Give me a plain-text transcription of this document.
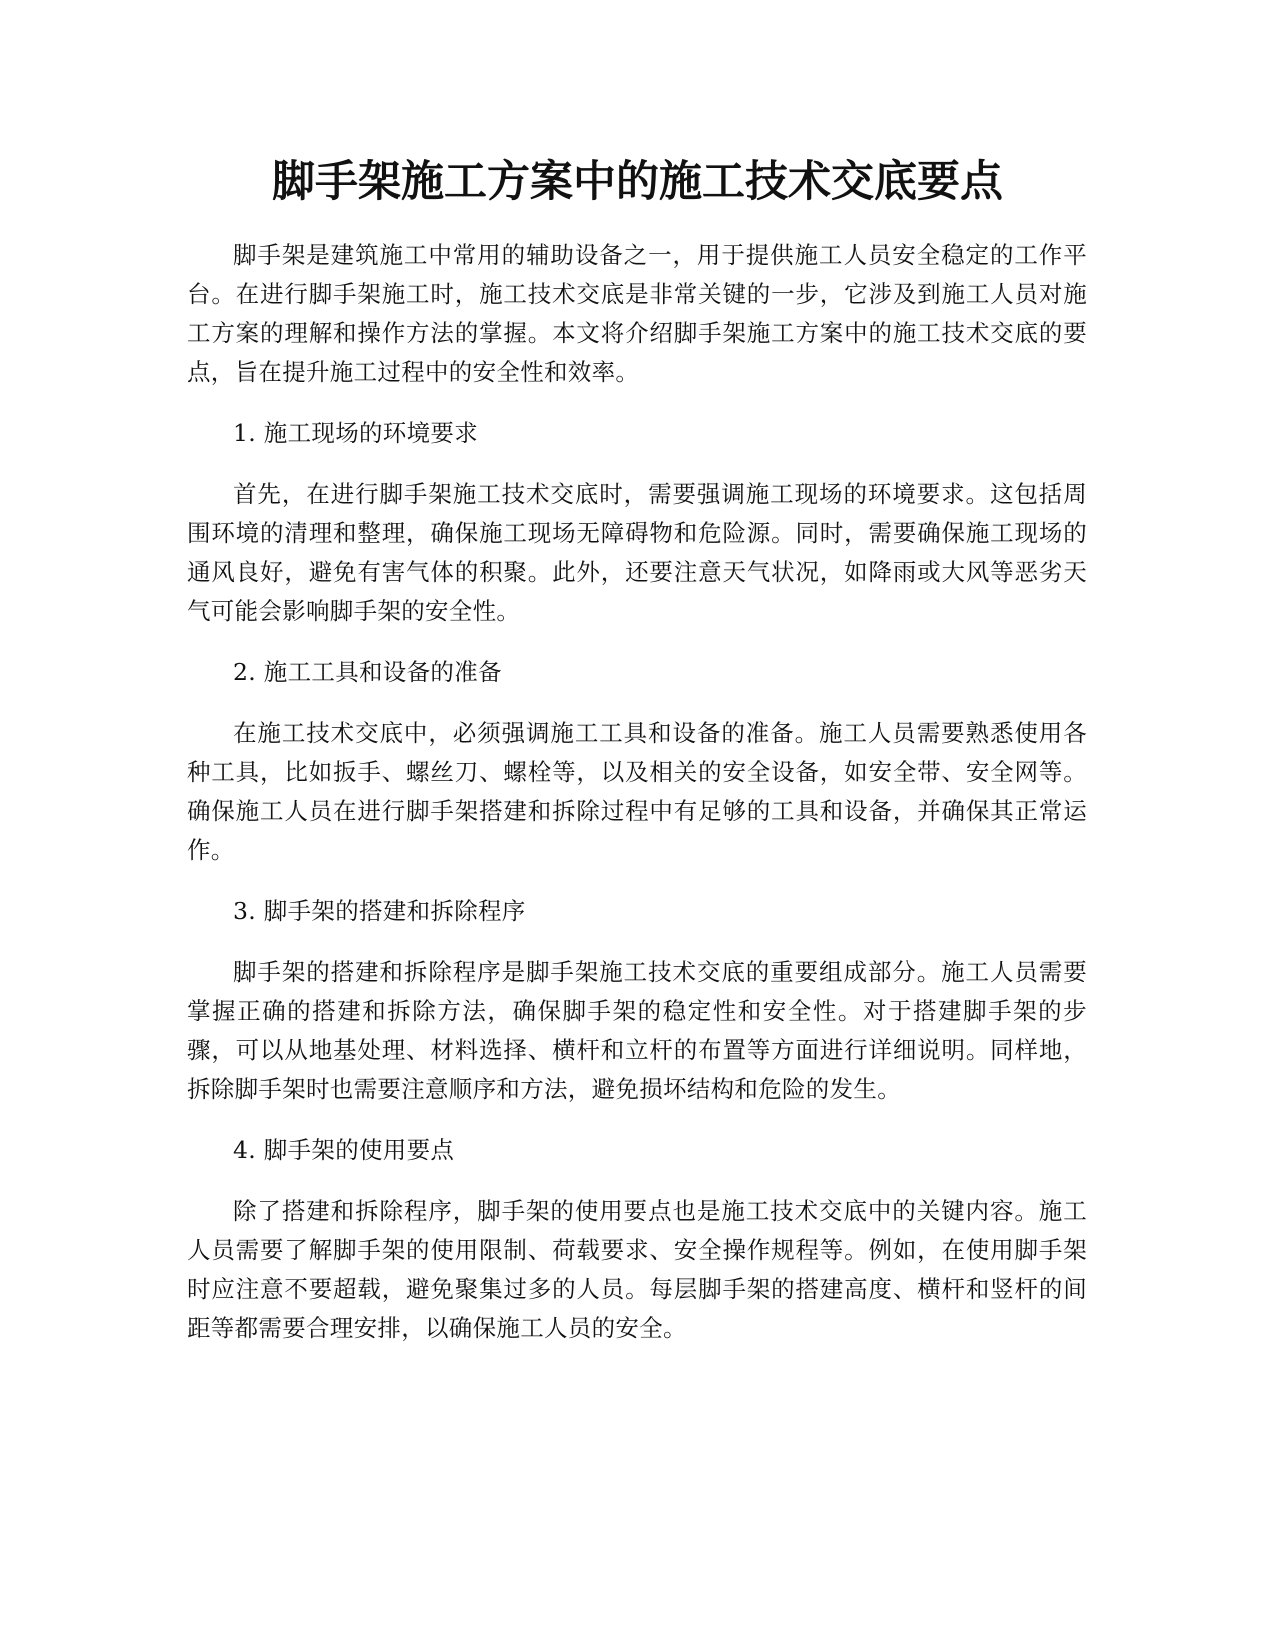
脚手架施工方案中的施工技术交底要点

脚手架是建筑施工中常用的辅助设备之一，用于提供施工人员安全稳定的工作平台。在进行脚手架施工时，施工技术交底是非常关键的一步，它涉及到施工人员对施工方案的理解和操作方法的掌握。本文将介绍脚手架施工方案中的施工技术交底的要点，旨在提升施工过程中的安全性和效率。

1. 施工现场的环境要求

首先，在进行脚手架施工技术交底时，需要强调施工现场的环境要求。这包括周围环境的清理和整理，确保施工现场无障碍物和危险源。同时，需要确保施工现场的通风良好，避免有害气体的积聚。此外，还要注意天气状况，如降雨或大风等恶劣天气可能会影响脚手架的安全性。

2. 施工工具和设备的准备

在施工技术交底中，必须强调施工工具和设备的准备。施工人员需要熟悉使用各种工具，比如扳手、螺丝刀、螺栓等，以及相关的安全设备，如安全带、安全网等。确保施工人员在进行脚手架搭建和拆除过程中有足够的工具和设备，并确保其正常运作。

3. 脚手架的搭建和拆除程序

脚手架的搭建和拆除程序是脚手架施工技术交底的重要组成部分。施工人员需要掌握正确的搭建和拆除方法，确保脚手架的稳定性和安全性。对于搭建脚手架的步骤，可以从地基处理、材料选择、横杆和立杆的布置等方面进行详细说明。同样地，拆除脚手架时也需要注意顺序和方法，避免损坏结构和危险的发生。

4. 脚手架的使用要点

除了搭建和拆除程序，脚手架的使用要点也是施工技术交底中的关键内容。施工人员需要了解脚手架的使用限制、荷载要求、安全操作规程等。例如，在使用脚手架时应注意不要超载，避免聚集过多的人员。每层脚手架的搭建高度、横杆和竖杆的间距等都需要合理安排，以确保施工人员的安全。
